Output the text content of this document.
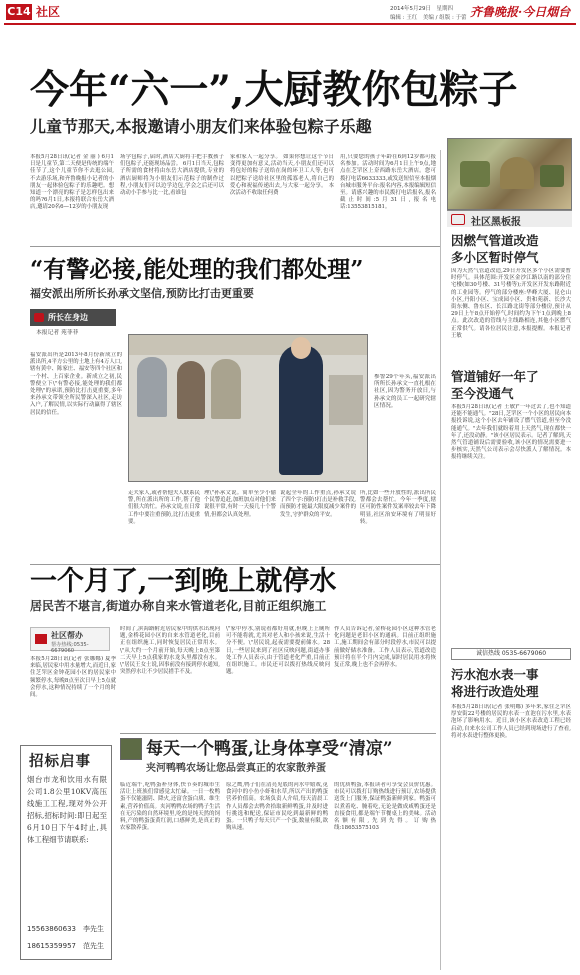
C14 社区	2014年5月29日　星期四
编辑 : 王红　美编 / 组版 : 于蕾 齐鲁晚报·今日烟台
今年“六一”,大厨教你包粽子
儿童节那天,本报邀请小朋友们来体验包粽子乐趣
本报5月28日讯(记者 金 丽 ) 6月1日是儿童节,第二天便是传统的端午佳节了,这个儿童节你不去逛公园,不去游乐场,和齐鲁晚报小记者的小朋友一起体验包粽子的乐趣吧。想知道一个漂亮的粽子是怎样包出来的吗?6月1日,本报将联合东岳大酒店,邀请20名6—12岁的小朋友现
场学包粽子,届时,酒店大厨将手把手教孩子们包粽子,还能现场品尝。 6月1日当天,包粽子所需的食材将由东岳大酒店提供,专业的酒店厨师将为小朋友们示范粽子的制作过程,小朋友们可以边学边包,学会之后还可以动动小手参与比一比,看谁包
家和家人一起分享。 如果你想让这个节日变得更加有意义,活动当天,小朋友们还可以将包好的粽子送给在岗的环卫工人等,也可以把粽子送给社区里的孤寡老人,将自己的爱心和祝福传递出去,与大家一起分享。 本次活动不收取任何费
用,只要您的孩子年龄在6到12岁都可报名参加。活动时间为6月1日上午9点,地点在芝罘区上夼西路东岳大酒店。您可拨打电话6633333,或发送短信至本报烟台城市服务平台:报名内容,本报编辑短信至。请感兴趣的市民拨打电话报名,报名截止时间:5月31日,报名电话:13553815181。
社区黑板报
因燃气管道改造
多小区暂时停气
因为天然气管道改造,29日开发区多个小区需要暂时停气。具体范围:开发区金沙江路以南的部分住宅楼(如30号楼、31号楼等);开发区开发东路附近的工业园等。停气的部分楼座:华峰大厦、昆仑山小区,丹阳小区、宝成园小区、贵和苑新、长沙大街东侧、鲁东区、长江路北街等部分楼房,预计从29日上午8点开始停气,时间约为下午1点到晚上8点。此次改造的管线与主线路相连,其他小区燃气正常供气。请各位居民注意,本报提醒。本报记者 王敏
管道铺好一年了
至今没通气
本报5月28日讯(记者 王敏)"一年过去了,也不知道还能不能通气。"28日,芝罘区一个小区的居民向本报投诉说,这个小区去年铺设了燃气管道,但至今没能通气。"去年我们就盼着用上天然气,现在都快一年了,还没动静。"该小区居民表示。记者了解到,天然气管道铺设后需要验收,该小区的情况需要进一步核实,天然气公司表示会尽快派人了解情况。本报将继续关注。
诚信热线 0535-6679060
污水泡水表一事
将进行改造处理
本报5月28日讯(记者 张明娜) 多年来,家住芝罘区厚安街22号楼的居民的水表一直泡在污水里,水表泡坏了影响用水。近日,该小区水表改造工程已经启动,自来水公司工作人员已经到现场进行了查看,将对水表进行整体更换。
“有警必接,能处理的我们都处理”
福安派出所所长孙承文坚信,预防比打击更重要
所长在身边
本报记者 苑菲菲
福安派出所是2013年8月份新成立的派出所,4平方公里的土地上有4万人口,辖有黄中、陈家庄、福安等四个社区和一个村、上百家企业。新成立之初,民警便立下\"有警必接,能处理的我们都处理\"的承诺,预防比打击更重要,多年来孙承文带领全所民警深入社区,走访入户,了解民情,以实际行动赢得了辖区居民的信任。
参警29个年头,福安派出所所长孙承文一直扎根在社区,因为警务开放日,与孙承文的员工一起研究辖区情况。
走夫家人,或者帮他夫人联系民警,所在派出所的工作,帮了他们很大的忙。孙承文说,在日常工作中要注重预防,比打击更重要。
理\"孙承文说。简单至少小偷个民警追赶,加班加点对他们来说很平常,有时一天接几十个警情,但都会认真处理。
说起全年的工作重点,孙承文说了四个字:预防!打击是补救手段,而预防才能最大限度减少案件的发生,守护群众的平安。
所,比如一些开放性的,派出所民警都会去帮忙。今年一季度,辖区可防性案件发案率较去年下降明显,社区治安环境有了明显好转。
一个月了,一到晚上就停水
居民苦不堪言,街道办称自来水管道老化,目前正组织施工
社区帮办
帮办热线:0535-6679060
本报5月28日讯(记者 张娜娜) 夏季来临,居民家中用水量增大,而近日,家住芝罘区金钟花园小区的居民家中频繁停水,每晚8点至次日早上5点就会停水,这种情况持续了一个月的时间。
时间了,滨海路附近居民家中的供水出现问题,金桥花园小区的自来水管道老化,目前正在组织施工,同时恢复居民正常用水。\"从大约一个月前开始,每天晚上8点至第二天早上5点我家的水龙头里都没有水。\"居民王女士说,因事前没有接到停水通知,突然停水让不少居民措手不及。
\"家中停水,别说看都好用就,但晚上上厕所可不能将就,尤其对老人和小孩来说,生活十分不便。\"居民说,起夜需要提前储水。28日,一些居民来到了社区反映问题,街道办事处工作人员表示,由于管道老化严重,目前正在组织施工。市民还可以拨打热线反映问题。
作人员告诉记者,金桥花园小区这种水管老化问题是老旧小区的通病。目前正组织施工,施工期间会有部分时段停水,市民可以提前做好储水准备。工作人员表示,管道改造预计将在半个月内完成,届时居民用水将恢复正常,晚上也不会再停水。
招标启事
烟台市龙和饮用水有限公司1.8公里10KV高压线施工工程,现对外公开招标,招标时间:即日起至6月10日下午4时止,具体工程细节请联系:
15563860633　李先生
18615359957　范先生
每天一个鸭蛋,让身体享受“清凉”
夹河鸭鸭农场让您品尝真正的农家散养蛋
临近端午,吃鸭蛋补身体,快节奏的城市生活让上班族们常感觉太忙碌。一日一枚鸭蛋不仅能滋阴、降火,还富含蛋白质、维生素,营养价值高。夹河鸭鸭农场的鸭子生活在无污染的自然环境里,吃的是纯天然的饲料,产的鸭蛋蛋黄红润,口感鲜美,是真正的农家散养蛋。
原之鹰,鸭子们在清亮见底的河水中嬉戏,觅食河中的小鱼小虾和水草,所以产出的鸭蛋营养价值高。农场负责人介绍,每天清晨工作人员都会去鸭舍拾取新鲜鸭蛋,并及时进行挑选和配送,保证市民吃到最新鲜的鸭蛋。一只鸭子每天只产一个蛋,数量有限,欲购从速。
的优质鸭蛋,本报读者可享受会员价优惠。市民可以拨打订购热线进行预订,农场提供送货上门服务,保证鸭蛋新鲜到家。鸭蛋可以煮着吃、腌着吃,无论是做成咸鸭蛋还是直接食用,都是端午节餐桌上的美味。活动名额有限,先到先得。订购热线:18653575103
